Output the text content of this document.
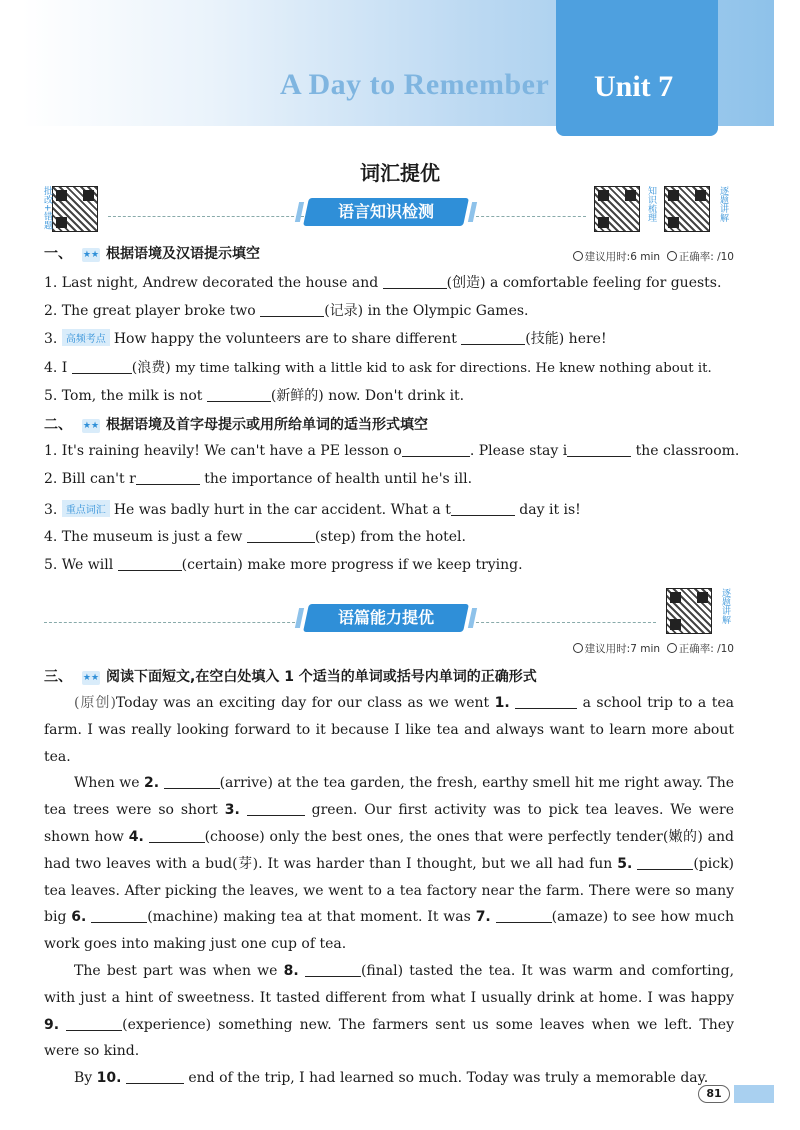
A Day to Remember Unit 7
词汇提优
批改+错题	语言知识检测	知识梳理	逐题讲解
一、 ★★ 根据语境及汉语提示填空	建议用时:6 min 正确率: /10
1. Last night, Andrew decorated the house and	(创造) a comfortable feeling for guests.
2. The great player broke two	(记录) in the Olympic Games.
3. 高频考点 How happy the volunteers are to share different	(技能) here!
4. I	(浪费) my time talking with a little kid to ask for directions. He knew nothing about it.
5. Tom, the milk is not	(新鲜的) now. Don't drink it.
二、 ★★ 根据语境及首字母提示或用所给单词的适当形式填空
1. It's raining heavily! We can't have a PE lesson o	. Please stay i	the classroom.
2. Bill can't r	the importance of health until he's ill.
3. 重点词汇 He was badly hurt in the car accident. What a t	day it is!
4. The museum is just a few	(step) from the hotel.
5. We will	(certain) make more progress if we keep trying.
语篇能力提优	逐题讲解
建议用时:7 min 正确率: /10
三、 ★★ 阅读下面短文,在空白处填入 1 个适当的单词或括号内单词的正确形式

(原创)Today was an exciting day for our class as we went 1.	a school trip to a tea farm. I was really looking forward to it because I like tea and always want to learn more about tea.

When we 2.	(arrive) at the tea garden, the fresh, earthy smell hit me right away. The tea trees were so short 3.	green. Our first activity was to pick tea leaves. We were shown how 4.	(choose) only the best ones, the ones that were perfectly tender(嫩的) and had two leaves with a bud(芽). It was harder than I thought, but we all had fun 5.	(pick) tea leaves. After picking the leaves, we went to a tea factory near the farm. There were so many big 6.	(machine) making tea at that moment. It was 7.	(amaze) to see how much work goes into making just one cup of tea.

The best part was when we 8.	(final) tasted the tea. It was warm and comforting, with just a hint of sweetness. It tasted different from what I usually drink at home. I was happy 9.	(experience) something new. The farmers sent us some leaves when we left. They were so kind.

By 10.	end of the trip, I had learned so much. Today was truly a memorable day.

81
